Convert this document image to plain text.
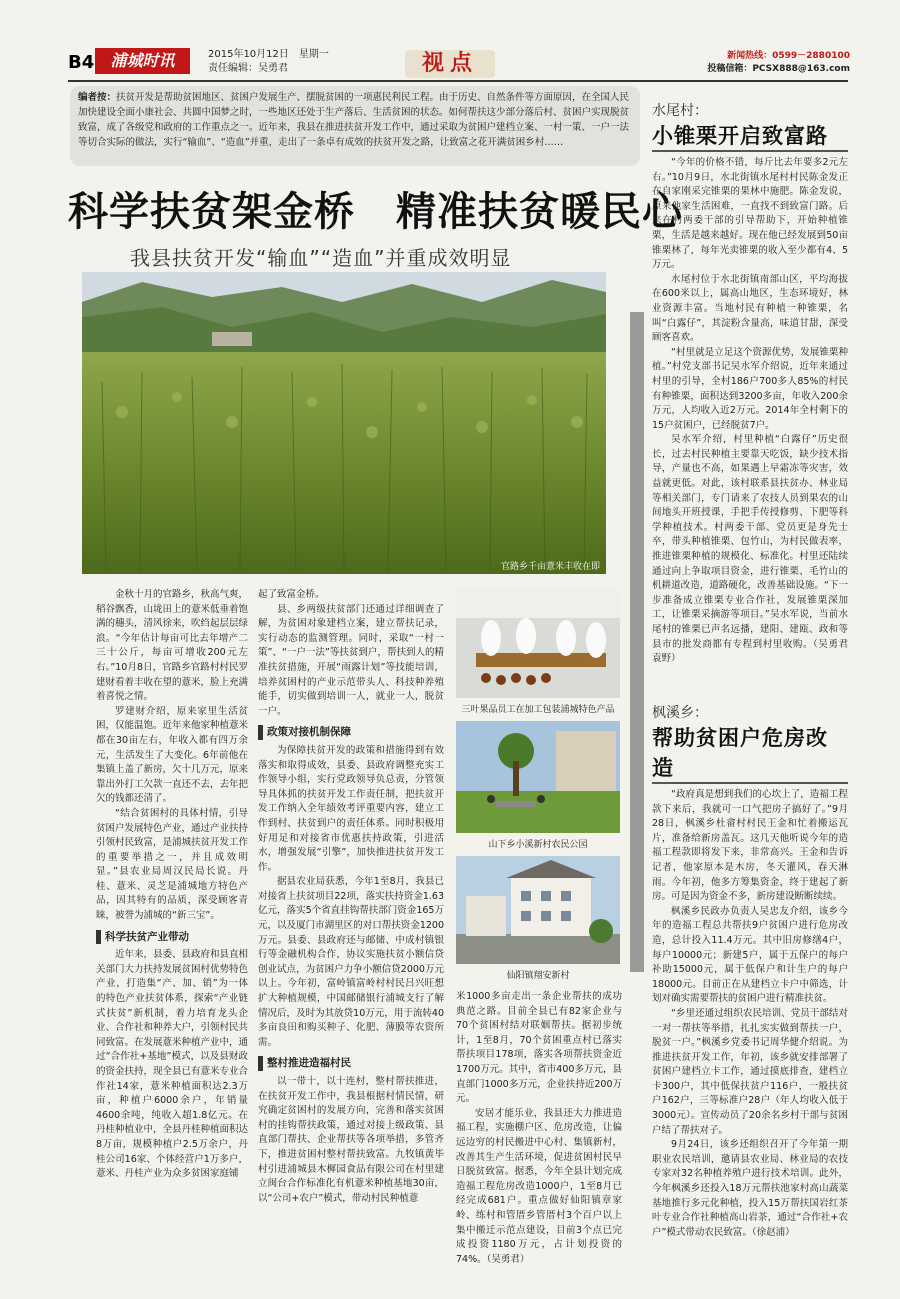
B4	浦城时讯	2015年10月12日　星期一
责任编辑：吴勇君	视点	新闻热线：0599－2880100
投稿信箱：PCSX888@163.com
编者按：扶贫开发是帮助贫困地区、贫困户发展生产、摆脱贫困的一项惠民利民工程。由于历史、自然条件等方面原因，在全国人民加快建设全面小康社会、共圆中国梦之时，一些地区还处于生产落后、生活贫困的状态。如何帮扶这少部分落后村、贫困户实现脱贫致富，成了各级党和政府的工作重点之一。近年来，我县在推进扶贫开发工作中，通过采取为贫困户建档立案、一村一策、一户一法等切合实际的做法，实行“输血”、“造血”并重，走出了一条卓有成效的扶贫开发之路，让致富之花开满贫困乡村……
科学扶贫架金桥　精准扶贫暖民心
我县扶贫开发“输血”“造血”并重成效明显
官路乡千亩薏米丰收在即

金秋十月的官路乡，秋高气爽，稻谷飘香，山垅田上的薏米低垂着饱满的穗头，清风徐来，吹绉起层层绿浪。“今年估计每亩可比去年增产二三十公斤，每亩可增收200元左右。”10月8日，官路乡官路村村民罗建财看着丰收在望的薏米，脸上充满着喜悦之情。

罗建财介绍，原来家里生活贫困，仅能温饱。近年来他家种植薏米都在30亩左右，年收入都有四万余元，生活发生了大变化。6年前他在集镇上盖了新房，欠十几万元，原来靠出外打工欠款一直还不去，去年把欠的钱都还清了。

“结合贫困村的具体村情，引导贫困户发展特色产业，通过产业扶持引领村民致富，是浦城扶贫开发工作的重要举措之一，并且成效明显。”县农业局周汉民局长说。丹桂、薏米、灵芝是浦城地方特色产品，因其特有的品质，深受顾客青睐，被誉为浦城的“新三宝”。

科学扶贫产业带动

近年来，县委、县政府和县直相关部门大力扶持发展贫困村优势特色产业，打造集“产、加、销”为一体的特色产业扶贫体系，探索“产业链式扶贫”新机制，着力培育龙头企业、合作社和种养大户，引领村民共同致富。在发展薏米种植产业中，通过“合作社+基地”模式，以及县财政的资金扶持，现全县已有薏米专业合作社14家，薏米种植面积达2.3万亩，种植户6000余户，年销量4600余吨，纯收入超1.8亿元。在丹桂种植业中，全县丹桂种植面积达8万亩，规模种植户2.5万余户，丹桂公司16家、个体经营户1万多户，薏米、丹桂产业为众多贫困家庭铺

起了致富金桥。

县、乡两级扶贫部门还通过详细调查了解，为贫困对象建档立案，建立帮扶记录，实行动态的监测管理。同时，采取“一村一策”、“一户一法”等扶贫到户，帮扶到人的精准扶贫措施，开展“雨露计划”等技能培训，培养贫困村的产业示范带头人、科技种养殖能手，切实做到培训一人，就业一人，脱贫一户。

政策对接机制保障

为保障扶贫开发的政策和措施得到有效落实和取得成效，县委、县政府调整充实工作领导小组，实行党政领导负总责，分管领导具体抓的扶贫开发工作责任制，把扶贫开发工作纳入全年绩效考评重要内容，建立工作到村、扶贫到户的责任体系。同时积极用好用足和对接省市优惠扶持政策，引进活水，增强发展“引擎”，加快推进扶贫开发工作。

据县农业局获悉，今年1至8月，我县已对接省上扶贫项目22项，落实扶持资金1.63亿元，落实5个省直挂钩帮扶部门资金165万元，以及厦门市湖里区的对口帮扶资金1200万元。县委、县政府还与邮储、中成村镇银行等金融机构合作，协议实施扶贫小额信贷创业试点，为贫困户力争小额信贷2000万元以上。今年初，富岭镇富岭村村民吕兴旺想扩大种植规模，中国邮储银行浦城支行了解情况后，及时为其放贷10万元，用于流转40多亩良田和购买种子、化肥、薄膜等农资所需。

整村推进造福村民

以一带十，以十连村，整村帮扶推进，在扶贫开发工作中，我县根据村情民情，研究确定贫困村的发展方向，完善和落实贫困村的挂钩帮扶政策，通过对接上级政策、县直部门帮扶、企业帮扶等各项举措，多管齐下，推进贫困村整村帮扶致富。九牧镇黄毕村引进浦城县木樨园食品有限公司在村里建立闽台合作标准化有机薏米种植基地30亩，以“公司+农户”模式，带动村民种植薏

三叶果品员工在加工包装浦城特色产品
山下乡小溪新村农民公园
仙阳镇翔安新村

米1000多亩走出一条企业帮扶的成功典范之路。目前全县已有82家企业与70个贫困村结对联姻帮扶。据初步统计，1至8月，70个贫困重点村已落实帮扶项目178项，落实各项帮扶资金近1700万元。其中，省市400多万元，县直部门1000多万元，企业扶持近200万元。

安居才能乐业，我县还大力推进造福工程，实施棚户区、危房改造，让偏远边穷的村民搬进中心村、集镇新村，改善其生产生活环境，促进贫困村民早日脱贫致富。据悉，今年全县计划完成造福工程危房改造1000户，1至8月已经完成681户。重点做好仙阳镇章家岭、练村和管厝乡管厝村3个百户以上集中搬迁示范点建设，目前3个点已完成投资1180万元，占计划投资的74%。（吴勇君）

水尾村：
小锥栗开启致富路

“今年的价格不错，每斤比去年要多2元左右。”10月9日，水北街镇水尾村村民陈金发正在自家刚采完锥栗的果林中施肥。陈金发说，原来他家生活困难，一直找不到致富门路。后来在村两委干部的引导帮助下，开始种植锥栗，生活是越来越好。现在他已经发展到50亩锥栗林了，每年光卖锥栗的收入至少都有4、5万元。

水尾村位于水北街镇南部山区，平均海拔在600米以上，属高山地区，生态环境好，林业资源丰富。当地村民有种植一种锥栗，名叫“白露仔”，其淀粉含量高，味道甘甜，深受顾客喜欢。

“村里就是立足这个资源优势，发展锥栗种植。”村党支部书记吴水军介绍说，近年来通过村里的引导，全村186户700多人85%的村民有种锥栗，面积达到3200多亩，年收入200余万元，人均收入近2万元。2014年全村剩下的15户贫困户，已经脱贫7户。

吴水军介绍，村里种植“白露仔”历史很长，过去村民种植主要靠天吃饭，缺少技术指导，产量也不高，如果遇上早霜冻等灾害，效益就更低。对此，该村联系县扶贫办、林业局等相关部门，专门请来了农技人员到果农的山间地头开班授课，手把手传授修剪、下肥等科学种植技术。村两委干部、党员更是身先士卒，带头种植锥栗、包竹山，为村民做表率，推进锥栗种植的规模化、标准化。村里还陆续通过向上争取项目资金，进行锥栗、毛竹山的机耕道改造，道路硬化，改善基础设施。“下一步准备成立锥栗专业合作社，发展锥栗深加工，让锥栗采摘游等项目。”吴水军说，当前水尾村的锥栗已声名远播，建阳、建瓯、政和等县市的批发商都有专程到村里收购。（吴勇君　袁野）

枫溪乡：
帮助贫困户危房改造

“政府真是想到我们的心坎上了，造福工程款下来后，我就可一口气把房子搞好了。”9月28日，枫溪乡杜畲村村民王金和忙着搬运瓦片，准备给新房盖瓦。这几天他听说今年的造福工程款即将发下来，非常高兴。王金和告诉记者，他家原本是木房，冬天灌风，春天淋雨。今年初，他多方筹集资金，终于建起了新房。可是因为资金不多，新房建设断断续续。

枫溪乡民政办负责人吴忠友介绍，该乡今年的造福工程总共帮扶9户贫困户进行危房改造，总计投入11.4万元。其中旧房修缮4户，每户10000元；新建5户，属于五保户的每户补助15000元，属于低保户和计生户的每户18000元。目前正在从建档立卡户中筛选，计划对确实需要帮扶的贫困户进行精准扶贫。

“乡里还通过组织农民培训、党员干部结对一对一帮扶等举措，扎扎实实做到帮扶一户，脱贫一户。”枫溪乡党委书记周华健介绍说。为推进扶贫开发工作，年初，该乡就安排部署了贫困户建档立卡工作，通过摸底排查，建档立卡300户，其中低保扶贫户116户，一般扶贫户162户，三等标准户28户（年人均收入低于3000元）。宣传动员了20余名乡村干部与贫困户结了帮扶对子。

9月24日，该乡还组织召开了今年第一期职业农民培训，邀请县农业局、林业局的农技专家对32名种植养殖户进行技术培训。此外，今年枫溪乡还投入18万元帮扶池家村高山蔬菜基地推行多元化种植，投入15万帮扶国岩红茶叶专业合作社种植高山岩茶，通过“合作社+农户”模式带动农民致富。（徐赵浦）
